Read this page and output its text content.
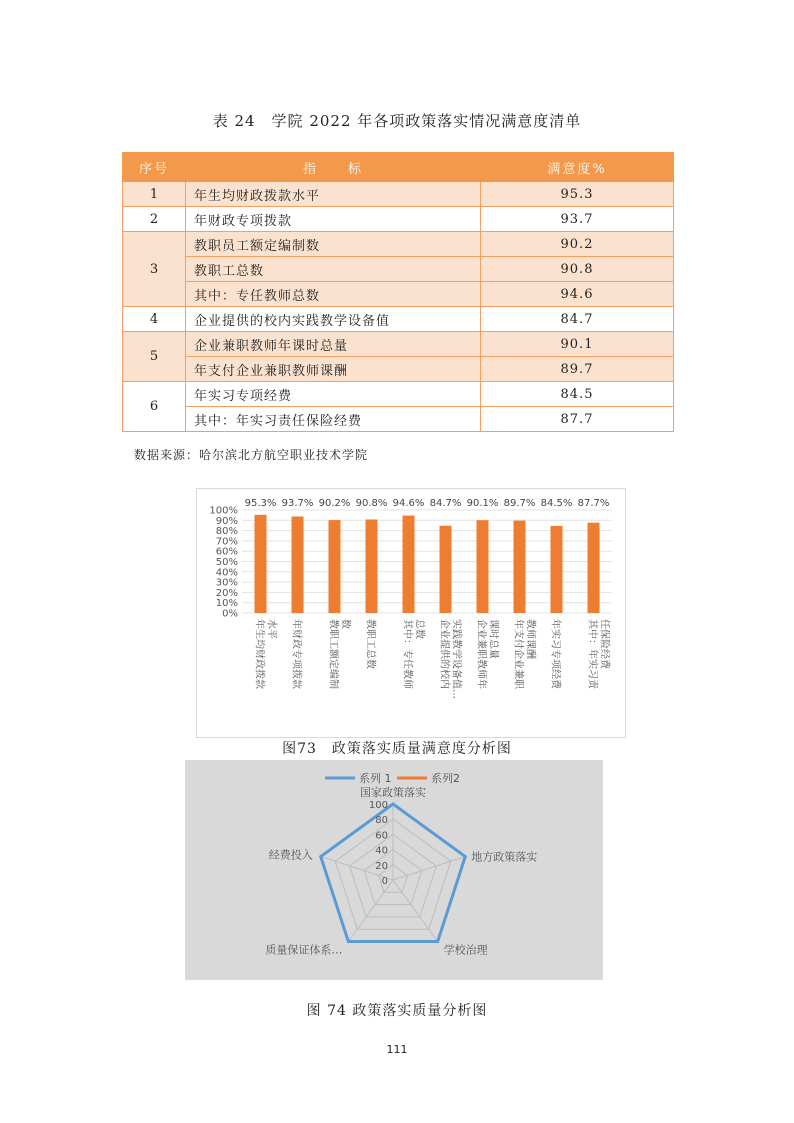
表 24　学院 2022 年各项政策落实情况满意度清单
序号	指　　标	满意度%
1	年生均财政拨款水平	95.3
2	年财政专项拨款	93.7
3	教职员工额定编制数	90.2
	教职工总数	90.8
	其中：专任教师总数	94.6
4	企业提供的校内实践教学设备值	84.7
5	企业兼职教师年课时总量	90.1
	年支付企业兼职教师课酬	89.7
6	年实习专项经费	84.5
	其中：年实习责任保险经费	87.7
数据来源：哈尔滨北方航空职业技术学院
0%
10%
20%
30%
40%
50%
60%
70%
80%
90%
100%
95.3% 93.7% 90.2% 90.8% 94.6% 84.7% 90.1% 89.7% 84.5% 87.7%
年生均财政拨款 水平 年财政专项拨款	教职工额定编制 数 教职工总数	其中：专任教师 总数 企业提供的校内 实践教学设备值… 企业兼职教师年 课时总量 年支付企业兼职 教师课酬 年实习专项经费	其中：年实习责 任保险经费
图73　政策落实质量满意度分析图
系列 1	系列2
0
20
40
60
80
100
国家政策落实
地方政策落实
学校治理
质量保证体系…
经费投入
图 74 政策落实质量分析图
111
